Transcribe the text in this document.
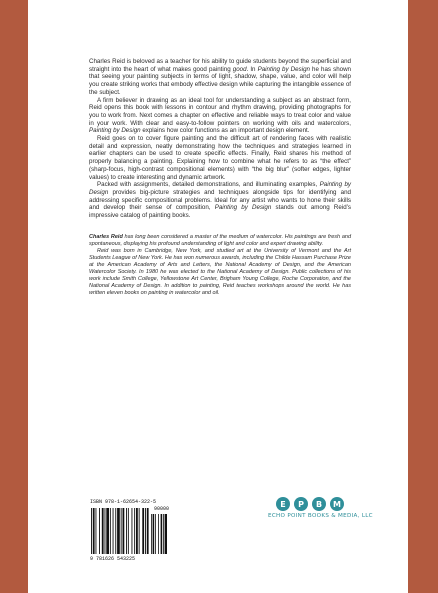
Charles Reid is beloved as a teacher for his ability to guide students beyond the superficial and straight into the heart of what makes good painting good. In Painting by Design he has shown that seeing your painting subjects in terms of light, shadow, shape, value, and color will help you create striking works that embody effective design while capturing the intangible essence of the subject.

A firm believer in drawing as an ideal tool for understanding a subject as an abstract form, Reid opens this book with lessons in contour and rhythm drawing, providing photographs for you to work from. Next comes a chapter on effective and reliable ways to treat color and value in your work. With clear and easy-to-follow pointers on working with oils and watercolors, Painting by Design explains how color functions as an important design element.

Reid goes on to cover figure painting and the difficult art of rendering faces with realistic detail and expression, neatly demonstrating how the techniques and strategies learned in earlier chapters can be used to create specific effects. Finally, Reid shares his method of properly balancing a painting. Explaining how to combine what he refers to as “the effect” (sharp-focus, high-contrast compositional elements) with “the big blur” (softer edges, lighter values) to create interesting and dynamic artwork.

Packed with assignments, detailed demonstrations, and illuminating examples, Painting by Design provides big-picture strategies and techniques alongside tips for identifying and addressing specific compositional problems. Ideal for any artist who wants to hone their skills and develop their sense of composition, Painting by Design stands out among Reid’s impressive catalog of painting books.

Charles Reid has long been considered a master of the medium of watercolor. His paintings are fresh and spontaneous, displaying his profound understanding of light and color and expert drawing ability.

Reid was born in Cambridge, New York, and studied art at the University of Vermont and the Art Students League of New York. He has won numerous awards, including the Childe Hassam Purchase Prize at the American Academy of Arts and Letters, the National Academy of Design, and the American Watercolor Society. In 1980 he was elected to the National Academy of Design. Public collections of his work include Smith College, Yellowstone Art Center, Brigham Young College, Roche Corporation, and the National Academy of Design. In addition to painting, Reid teaches workshops around the world. He has written eleven books on painting in watercolor and oil.

ISBN 978-1-62654-322-5
90000
9 781626 543225
E	P	B	M
ECHO POINT BOOKS & MEDIA, LLC
